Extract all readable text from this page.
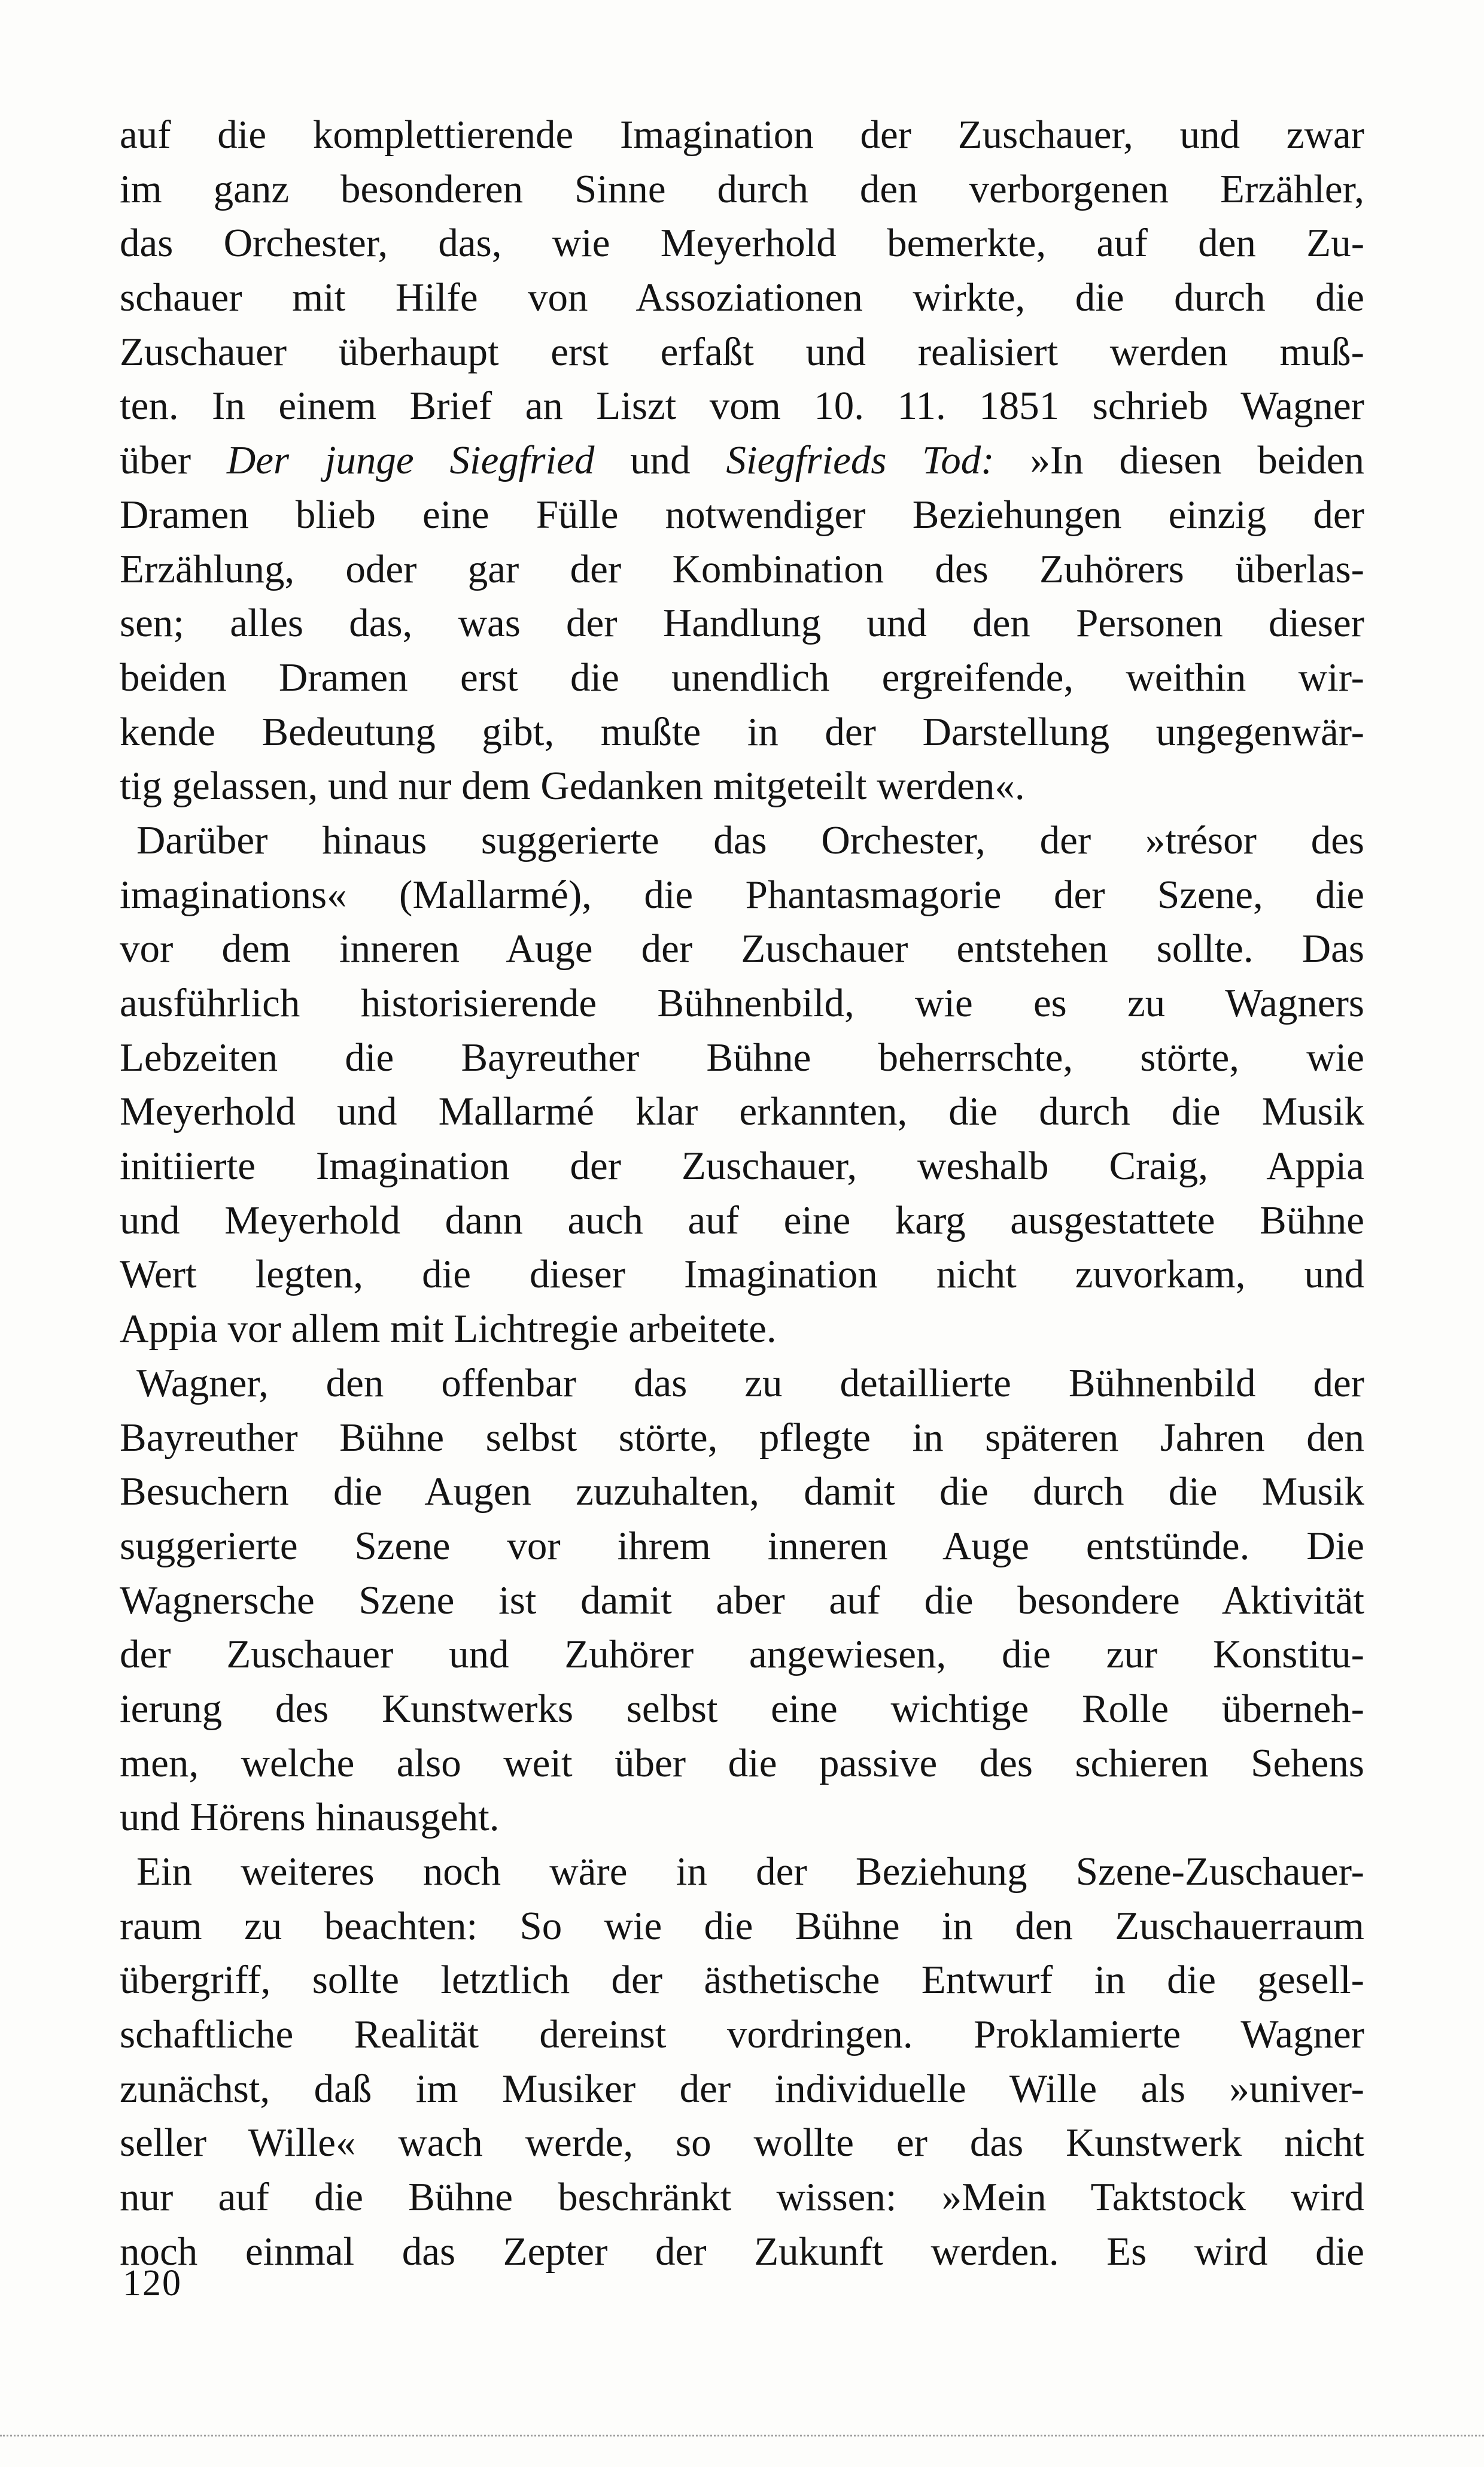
auf die komplettierende Imagination der Zuschauer, und zwar
im ganz besonderen Sinne durch den verborgenen Erzähler,
das Orchester, das, wie Meyerhold bemerkte, auf den Zu-
schauer mit Hilfe von Assoziationen wirkte, die durch die
Zuschauer überhaupt erst erfaßt und realisiert werden muß-
ten. In einem Brief an Liszt vom 10. 11. 1851 schrieb Wagner
über Der junge Siegfried und Siegfrieds Tod: »In diesen beiden
Dramen blieb eine Fülle notwendiger Beziehungen einzig der
Erzählung, oder gar der Kombination des Zuhörers überlas-
sen; alles das, was der Handlung und den Personen dieser
beiden Dramen erst die unendlich ergreifende, weithin wir-
kende Bedeutung gibt, mußte in der Darstellung ungegenwär-
tig gelassen, und nur dem Gedanken mitgeteilt werden«.

Darüber hinaus suggerierte das Orchester, der »trésor des
imaginations« (Mallarmé), die Phantasmagorie der Szene, die
vor dem inneren Auge der Zuschauer entstehen sollte. Das
ausführlich historisierende Bühnenbild, wie es zu Wagners
Lebzeiten die Bayreuther Bühne beherrschte, störte, wie
Meyerhold und Mallarmé klar erkannten, die durch die Musik
initiierte Imagination der Zuschauer, weshalb Craig, Appia
und Meyerhold dann auch auf eine karg ausgestattete Bühne
Wert legten, die dieser Imagination nicht zuvorkam, und
Appia vor allem mit Lichtregie arbeitete.

Wagner, den offenbar das zu detaillierte Bühnenbild der
Bayreuther Bühne selbst störte, pflegte in späteren Jahren den
Besuchern die Augen zuzuhalten, damit die durch die Musik
suggerierte Szene vor ihrem inneren Auge entstünde. Die
Wagnersche Szene ist damit aber auf die besondere Aktivität
der Zuschauer und Zuhörer angewiesen, die zur Konstitu-
ierung des Kunstwerks selbst eine wichtige Rolle überneh-
men, welche also weit über die passive des schieren Sehens
und Hörens hinausgeht.

Ein weiteres noch wäre in der Beziehung Szene-Zuschauer-
raum zu beachten: So wie die Bühne in den Zuschauerraum
übergriff, sollte letztlich der ästhetische Entwurf in die gesell-
schaftliche Realität dereinst vordringen. Proklamierte Wagner
zunächst, daß im Musiker der individuelle Wille als »univer-
seller Wille« wach werde, so wollte er das Kunstwerk nicht
nur auf die Bühne beschränkt wissen: »Mein Taktstock wird
noch einmal das Zepter der Zukunft werden. Es wird die

120
